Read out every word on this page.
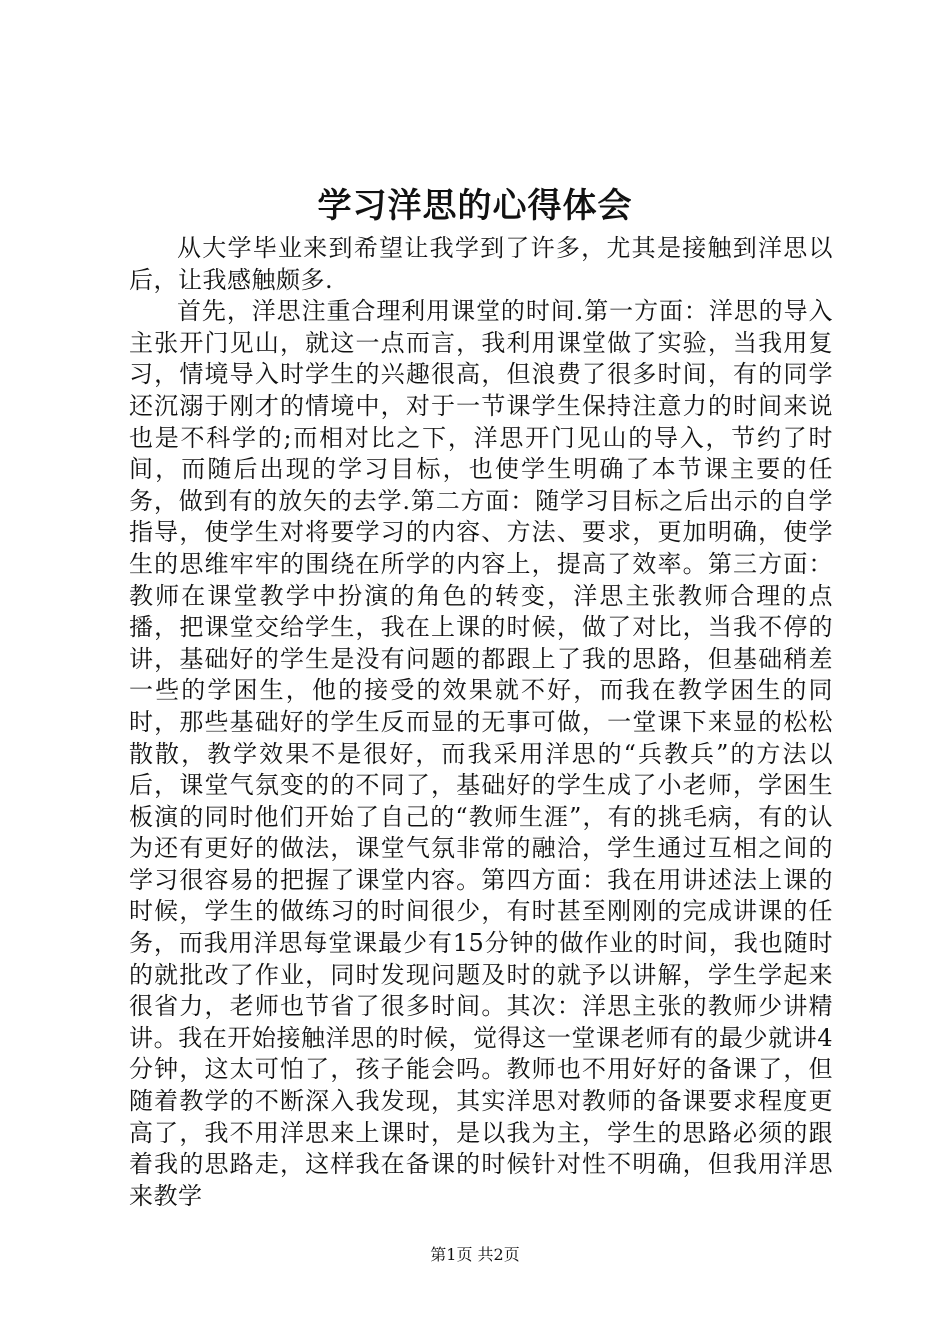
学习洋思的心得体会

从大学毕业来到希望让我学到了许多，尤其是接触到洋思以后，让我感触颇多.

首先，洋思注重合理利用课堂的时间.第一方面：洋思的导入主张开门见山，就这一点而言，我利用课堂做了实验，当我用复习，情境导入时学生的兴趣很高，但浪费了很多时间，有的同学还沉溺于刚才的情境中，对于一节课学生保持注意力的时间来说也是不科学的;而相对比之下，洋思开门见山的导入，节约了时间，而随后出现的学习目标，也使学生明确了本节课主要的任务，做到有的放矢的去学.第二方面：随学习目标之后出示的自学指导，使学生对将要学习的内容、方法、要求，更加明确，使学生的思维牢牢的围绕在所学的内容上，提高了效率。第三方面：教师在课堂教学中扮演的角色的转变，洋思主张教师合理的点播，把课堂交给学生，我在上课的时候，做了对比，当我不停的讲，基础好的学生是没有问题的都跟上了我的思路，但基础稍差一些的学困生，他的接受的效果就不好，而我在教学困生的同时，那些基础好的学生反而显的无事可做，一堂课下来显的松松散散，教学效果不是很好，而我采用洋思的“兵教兵”的方法以后，课堂气氛变的的不同了，基础好的学生成了小老师，学困生板演的同时他们开始了自己的“教师生涯”，有的挑毛病，有的认为还有更好的做法，课堂气氛非常的融洽，学生通过互相之间的学习很容易的把握了课堂内容。第四方面：我在用讲述法上课的时候，学生的做练习的时间很少，有时甚至刚刚的完成讲课的任务，而我用洋思每堂课最少有15分钟的做作业的时间，我也随时的就批改了作业，同时发现问题及时的就予以讲解，学生学起来很省力，老师也节省了很多时间。其次：洋思主张的教师少讲精讲。我在开始接触洋思的时候，觉得这一堂课老师有的最少就讲4分钟，这太可怕了，孩子能会吗。教师也不用好好的备课了，但随着教学的不断深入我发现，其实洋思对教师的备课要求程度更高了，我不用洋思来上课时，是以我为主，学生的思路必须的跟着我的思路走，这样我在备课的时候针对性不明确，但我用洋思来教学

第1页 共2页
